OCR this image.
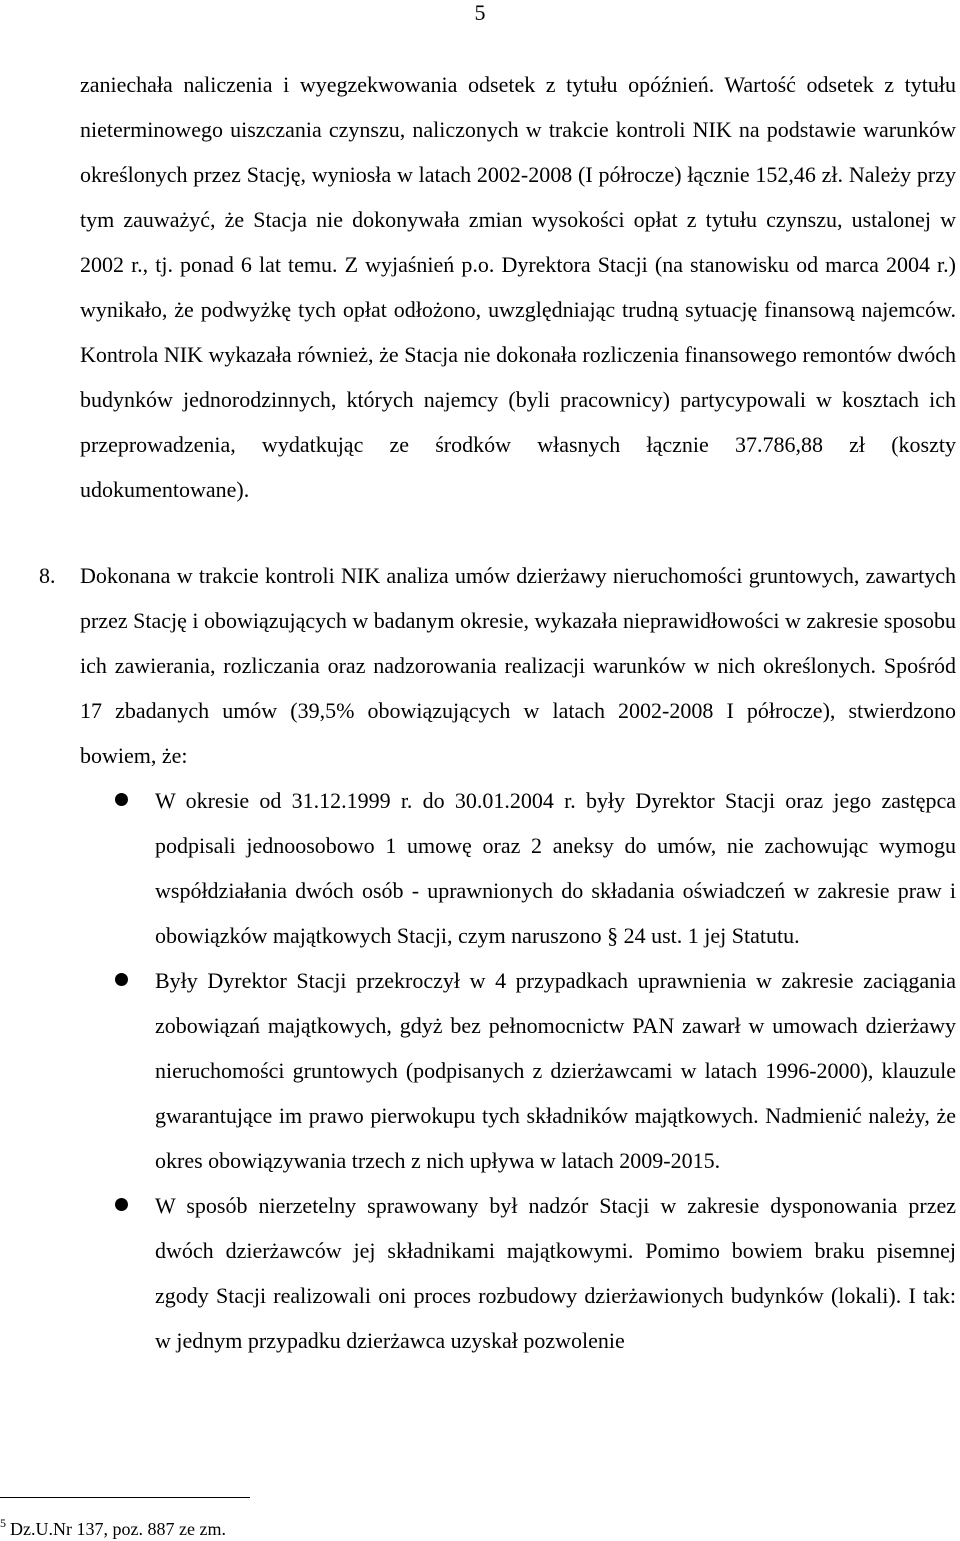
5
zaniechała naliczenia i wyegzekwowania odsetek z tytułu opóźnień. Wartość odsetek z tytułu nieterminowego uiszczania czynszu, naliczonych w trakcie kontroli NIK na podstawie warunków określonych przez Stację, wyniosła w latach 2002-2008 (I półrocze) łącznie 152,46 zł. Należy przy tym zauważyć, że Stacja nie dokonywała zmian wysokości opłat z tytułu czynszu, ustalonej w 2002 r., tj. ponad 6 lat temu. Z wyjaśnień p.o. Dyrektora Stacji (na stanowisku od marca 2004 r.) wynikało, że podwyżkę tych opłat odłożono, uwzględniając trudną sytuację finansową najemców. Kontrola NIK wykazała również, że Stacja nie dokonała rozliczenia finansowego remontów dwóch budynków jednorodzinnych, których najemcy (byli pracownicy) partycypowali w kosztach ich przeprowadzenia, wydatkując ze środków własnych łącznie 37.786,88 zł (koszty udokumentowane).
8. Dokonana w trakcie kontroli NIK analiza umów dzierżawy nieruchomości gruntowych, zawartych przez Stację i obowiązujących w badanym okresie, wykazała nieprawidłowości w zakresie sposobu ich zawierania, rozliczania oraz nadzorowania realizacji warunków w nich określonych. Spośród 17 zbadanych umów (39,5% obowiązujących w latach 2002-2008 I półrocze), stwierdzono bowiem, że:
W okresie od 31.12.1999 r. do 30.01.2004 r. były Dyrektor Stacji oraz jego zastępca podpisali jednoosobowo 1 umowę oraz 2 aneksy do umów, nie zachowując wymogu współdziałania dwóch osób - uprawnionych do składania oświadczeń w zakresie praw i obowiązków majątkowych Stacji, czym naruszono § 24 ust. 1 jej Statutu.
Były Dyrektor Stacji przekroczył w 4 przypadkach uprawnienia w zakresie zaciągania zobowiązań majątkowych, gdyż bez pełnomocnictw PAN zawarł w umowach dzierżawy nieruchomości gruntowych (podpisanych z dzierżawcami w latach 1996-2000), klauzule gwarantujące im prawo pierwokupu tych składników majątkowych. Nadmienić należy, że okres obowiązywania trzech z nich upływa w latach 2009-2015.
W sposób nierzetelny sprawowany był nadzór Stacji w zakresie dysponowania przez dwóch dzierżawców jej składnikami majątkowymi. Pomimo bowiem braku pisemnej zgody Stacji realizowali oni proces rozbudowy dzierżawionych budynków (lokali). I tak: w jednym przypadku dzierżawca uzyskał pozwolenie
$^5$ Dz.U.Nr 137, poz. 887 ze zm.
